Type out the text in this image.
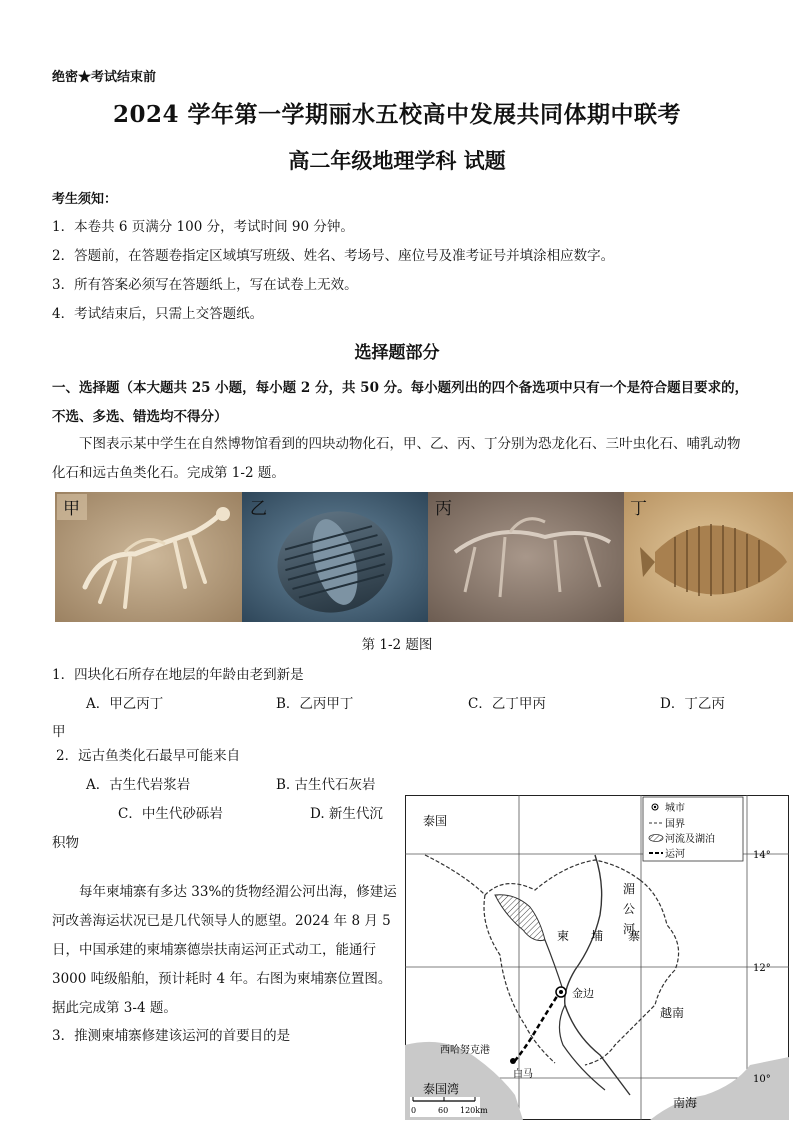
绝密★考试结束前
2024 学年第一学期丽水五校高中发展共同体期中联考
高二年级地理学科 试题
考生须知：
1．本卷共 6 页满分 100 分，考试时间 90 分钟。
2．答题前，在答题卷指定区域填写班级、姓名、考场号、座位号及准考证号并填涂相应数字。
3．所有答案必须写在答题纸上，写在试卷上无效。
4．考试结束后，只需上交答题纸。
选择题部分
一、选择题（本大题共 25 小题，每小题 2 分，共 50 分。每小题列出的四个备选项中只有一个是符合题目要求的，不选、多选、错选均不得分）
下图表示某中学生在自然博物馆看到的四块动物化石，甲、乙、丙、丁分别为恐龙化石、三叶虫化石、哺乳动物化石和远古鱼类化石。完成第 1-2 题。
甲	乙	丙	丁
第 1-2 题图
1．四块化石所存在地层的年龄由老到新是
A．甲乙丙丁	B．乙丙甲丁	C．乙丁甲丙	D．丁乙丙
甲
2．远古鱼类化石最早可能来自
A．古生代岩浆岩	B. 古生代石灰岩
C．中生代砂砾岩	D. 新生代沉
积物
每年柬埔寨有多达 33%的货物经湄公河出海，修建运河改善海运状况已是几代领导人的愿望。2024 年 8 月 5 日，中国承建的柬埔寨德崇扶南运河正式动工，能通行 3000 吨级船舶，预计耗时 4 年。右图为柬埔寨位置图。据此完成第 3-4 题。
3．推测柬埔寨修建该运河的首要目的是
城市
国界
河流及湖泊
运河
泰国
柬 埔 寨
湄
公
河
金边
越南
西哈努克港
白马
泰国湾
南海
14°
12°
10°
0	60 120km
